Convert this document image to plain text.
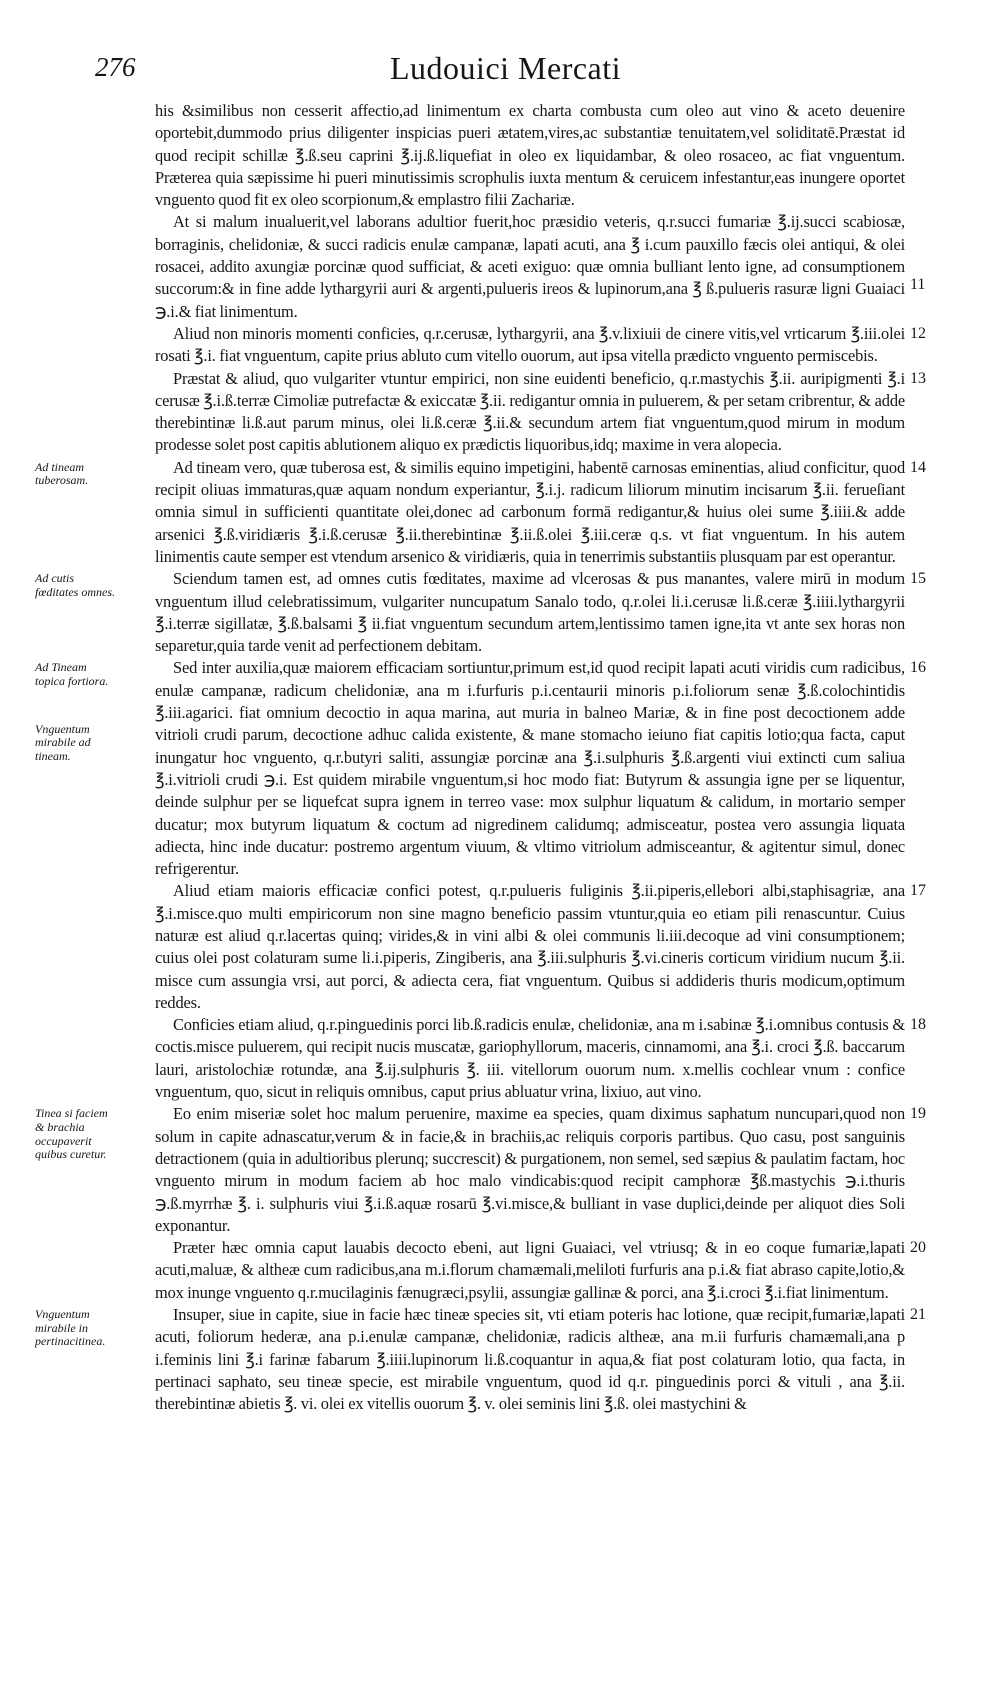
276	Ludouici Mercati

his &similibus non cesserit affectio,ad linimentum ex charta combusta cum oleo aut vino & aceto deuenire oportebit,dummodo prius diligenter inspicias pueri ætatem,vires,ac substantiæ tenuitatem,vel soliditatē.Præstat id quod recipit schillæ ℥.ß.seu caprini ℥.ij.ß.liquefiat in oleo ex liquidambar, & oleo rosaceo, ac fiat vnguentum. Præterea quia sæpissime hi pueri minutissimis scrophulis iuxta mentum & ceruicem infestantur,eas inungere oportet vnguento quod fit ex oleo scorpionum,& emplastro filii Zachariæ.

11

At si malum inualuerit,vel laborans adultior fuerit,hoc præsidio veteris, q.r.succi fumariæ ℥.ij.succi scabiosæ, borraginis, chelidoniæ, & succi radicis enulæ campanæ, lapati acuti, ana ℥ i.cum pauxillo fæcis olei antiqui, & olei rosacei, addito axungiæ porcinæ quod sufficiat, & aceti exiguo: quæ omnia bulliant lento igne, ad consumptionem succorum:& in fine adde lythargyrii auri & argenti,pulueris ireos & lupinorum,ana ℥ ß.pulueris rasuræ ligni Guaiaci ℈.i.& fiat linimentum.

12

Aliud non minoris momenti conficies, q.r.cerusæ, lythargyrii, ana ℥.v.lixiuii de cinere vitis,vel vrticarum ℥.iii.olei rosati ℥.i. fiat vnguentum, capite prius abluto cum vitello ouorum, aut ipsa vitella prædicto vnguento permiscebis.

13

Præstat & aliud, quo vulgariter vtuntur empirici, non sine euidenti beneficio, q.r.mastychis ℥.ii. auripigmenti ℥.i cerusæ ℥.i.ß.terræ Cimoliæ putrefactæ & exiccatæ ℥.ii. redigantur omnia in puluerem, & per setam cribrentur, & adde therebintinæ li.ß.aut parum minus, olei li.ß.ceræ ℥.ii.& secundum artem fiat vnguentum,quod mirum in modum prodesse solet post capitis ablutionem aliquo ex prædictis liquoribus,idq; maxime in vera alopecia.

Ad tineam tuberosam.
14

Ad tineam vero, quæ tuberosa est, & similis equino impetigini, habentē carnosas eminentias, aliud conficitur, quod recipit oliuas immaturas,quæ aquam nondum experiantur, ℥.i.j. radicum liliorum minutim incisarum ℥.ii. ferueſiant omnia simul in sufficienti quantitate olei,donec ad carbonum formā redigantur,& huius olei sume ℥.iiii.& adde arsenici ℥.ß.viridiæris ℥.i.ß.cerusæ ℥.ii.therebintinæ ℥.ii.ß.olei ℥.iii.ceræ q.s. vt fiat vnguentum. In his autem linimentis caute semper est vtendum arsenico & viridiæris, quia in tenerrimis substantiis plusquam par est operantur.

Ad cutis fœditates omnes.
15

Sciendum tamen est, ad omnes cutis fœditates, maxime ad vlcerosas & pus manantes, valere mirū in modum vnguentum illud celebratissimum, vulgariter nuncupatum Sanalo todo, q.r.olei li.i.cerusæ li.ß.ceræ ℥.iiii.lythargyrii ℥.i.terræ sigillatæ, ℥.ß.balsami ℥ ii.fiat vnguentum secundum artem,lentissimo tamen igne,ita vt ante sex horas non separetur,quia tarde venit ad perfectionem debitam.

Ad Tineam topica fortiora.
Vnguentum mirabile ad tineam.
16

Sed inter auxilia,quæ maiorem efficaciam sortiuntur,primum est,id quod recipit lapati acuti viridis cum radicibus, enulæ campanæ, radicum chelidoniæ, ana m i.furfuris p.i.centaurii minoris p.i.foliorum senæ ℥.ß.colochintidis ℥.iii.agarici. fiat omnium decoctio in aqua marina, aut muria in balneo Mariæ, & in fine post decoctionem adde vitrioli crudi parum, decoctione adhuc calida existente, & mane stomacho ieiuno fiat capitis lotio;qua facta, caput inungatur hoc vnguento, q.r.butyri saliti, assungiæ porcinæ ana ℥.i.sulphuris ℥.ß.argenti viui extincti cum saliua ℥.i.vitrioli crudi ℈.i. Est quidem mirabile vnguentum,si hoc modo fiat: Butyrum & assungia igne per se liquentur, deinde sulphur per se liquefcat supra ignem in terreo vase: mox sulphur liquatum & calidum, in mortario semper ducatur; mox butyrum liquatum & coctum ad nigredinem calidumq; admisceatur, postea vero assungia liquata adiecta, hinc inde ducatur: postremo argentum viuum, & vltimo vitriolum admisceantur, & agitentur simul, donec refrigerentur.

17

Aliud etiam maioris efficaciæ confici potest, q.r.pulueris fuliginis ℥.ii.piperis,ellebori albi,staphisagriæ, ana ℥.i.misce.quo multi empiricorum non sine magno beneficio passim vtuntur,quia eo etiam pili renascuntur. Cuius naturæ est aliud q.r.lacertas quinq; virides,& in vini albi & olei communis li.iii.decoque ad vini consumptionem; cuius olei post colaturam sume li.i.piperis, Zingiberis, ana ℥.iii.sulphuris ℥.vi.cineris corticum viridium nucum ℥.ii. misce cum assungia vrsi, aut porci, & adiecta cera, fiat vnguentum. Quibus si addideris thuris modicum,optimum reddes.

18

Conficies etiam aliud, q.r.pinguedinis porci lib.ß.radicis enulæ, chelidoniæ, ana m i.sabinæ ℥.i.omnibus contusis & coctis.misce puluerem, qui recipit nucis muscatæ, gariophyllorum, maceris, cinnamomi, ana ℥.i. croci ℥.ß. baccarum lauri, aristolochiæ rotundæ, ana ℥.ij.sulphuris ℥. iii. vitellorum ouorum num. x.mellis cochlear vnum : confice vnguentum, quo, sicut in reliquis omnibus, caput prius abluatur vrina, lixiuo, aut vino.

Tinea si faciem & brachia occupaverit quibus curetur.
19

Eo enim miseriæ solet hoc malum peruenire, maxime ea species, quam diximus saphatum nuncupari,quod non solum in capite adnascatur,verum & in facie,& in brachiis,ac reliquis corporis partibus. Quo casu, post sanguinis detractionem (quia in adultioribus plerunq; succrescit) & purgationem, non semel, sed sæpius & paulatim factam, hoc vnguento mirum in modum faciem ab hoc malo vindicabis:quod recipit camphoræ ℥ß.mastychis ℈.i.thuris ℈.ß.myrrhæ ℥. i. sulphuris viui ℥.i.ß.aquæ rosarū ℥.vi.misce,& bulliant in vase duplici,deinde per aliquot dies Soli exponantur.

20

Præter hæc omnia caput lauabis decocto ebeni, aut ligni Guaiaci, vel vtriusq; & in eo coque fumariæ,lapati acuti,maluæ, & altheæ cum radicibus,ana m.i.florum chamæmali,meliloti furfuris ana p.i.& fiat abraso capite,lotio,& mox inunge vnguento q.r.mucilaginis fænugræci,psylii, assungiæ gallinæ & porci, ana ℥.i.croci ℥.i.fiat linimentum.

Vnguentum mirabile in pertinacitinea.
21

Insuper, siue in capite, siue in facie hæc tineæ species sit, vti etiam poteris hac lotione, quæ recipit,fumariæ,lapati acuti, foliorum hederæ, ana p.i.enulæ campanæ, chelidoniæ, radicis altheæ, ana m.ii furfuris chamæmali,ana p i.feminis lini ℥.i farinæ fabarum ℥.iiii.lupinorum li.ß.coquantur in aqua,& fiat post colaturam lotio, qua facta, in pertinaci saphato, seu tineæ specie, est mirabile vnguentum, quod id q.r. pinguedinis porci & vituli , ana ℥.ii. therebintinæ abietis ℥. vi. olei ex vitellis ouorum ℥. v. olei seminis lini ℥.ß. olei mastychini &
